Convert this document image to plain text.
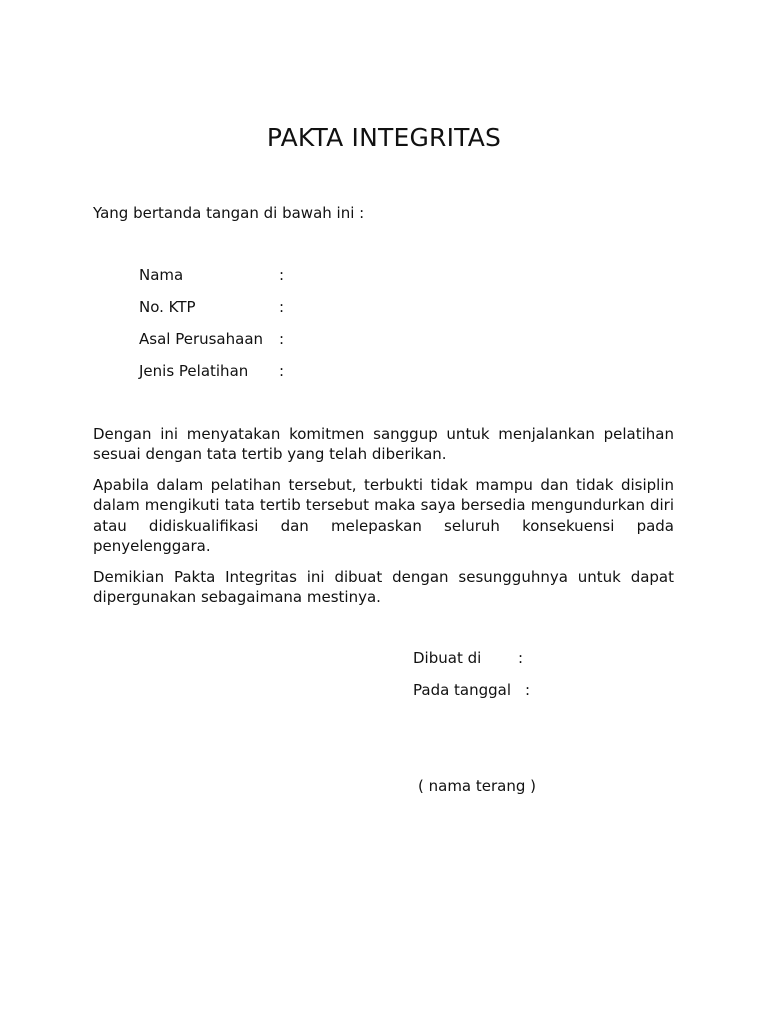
PAKTA INTEGRITAS
Yang bertanda tangan di bawah ini :
Nama	:
No. KTP	:
Asal Perusahaan	:
Jenis Pelatihan	:

Dengan ini menyatakan komitmen sanggup untuk menjalankan pelatihan sesuai dengan tata tertib yang telah diberikan.

Apabila dalam pelatihan tersebut, terbukti tidak mampu dan tidak disiplin dalam mengikuti tata tertib tersebut maka saya bersedia mengundurkan diri atau didiskualifikasi dan melepaskan seluruh konsekuensi pada penyelenggara.

Demikian Pakta Integritas ini dibuat dengan sesungguhnya untuk dapat dipergunakan sebagaimana mestinya.

Dibuat di	:
Pada tanggal :
( nama terang )
